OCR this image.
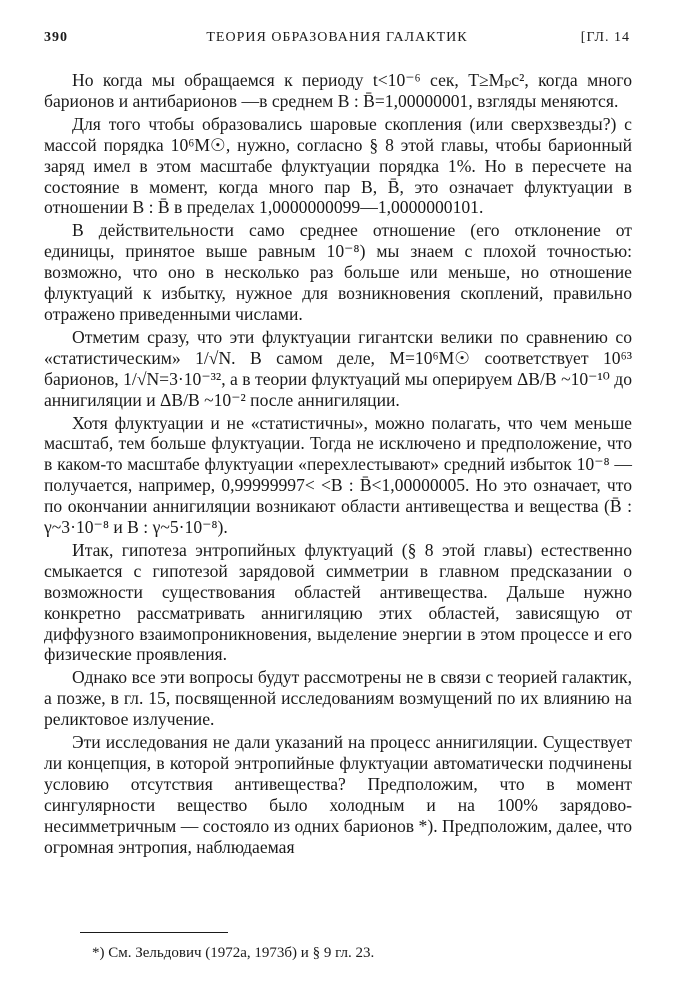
390	ТЕОРИЯ ОБРАЗОВАНИЯ ГАЛАКТИК	[ГЛ. 14

Но когда мы обращаемся к периоду t<10⁻⁶ сек, T≥Mₚc², когда много барионов и антибарионов —в среднем B : B̄=1,00000001, взгляды меняются.

Для того чтобы образовались шаровые скопления (или сверхзвезды?) с массой порядка 10⁶M☉, нужно, согласно § 8 этой главы, чтобы барионный заряд имел в этом масштабе флуктуации порядка 1%. Но в пересчете на состояние в момент, когда много пар B, B̄, это означает флуктуации в отношении B : B̄ в пределах 1,0000000099—1,0000000101.

В действительности само среднее отношение (его отклонение от единицы, принятое выше равным 10⁻⁸) мы знаем с плохой точностью: возможно, что оно в несколько раз больше или меньше, но отношение флуктуаций к избытку, нужное для возникновения скоплений, правильно отражено приведенными числами.

Отметим сразу, что эти флуктуации гигантски велики по сравнению со «статистическим» 1/√N. В самом деле, M=10⁶M☉ соответствует 10⁶³ барионов, 1/√N=3·10⁻³², а в теории флуктуаций мы оперируем ΔB/B ~10⁻¹⁰ до аннигиляции и ΔB/B ~10⁻² после аннигиляции.

Хотя флуктуации и не «статистичны», можно полагать, что чем меньше масштаб, тем больше флуктуации. Тогда не исключено и предположение, что в каком-то масштабе флуктуации «перехлестывают» средний избыток 10⁻⁸ — получается, например, 0,99999997< <B : B̄<1,00000005. Но это означает, что по окончании аннигиляции возникают области антивещества и вещества (B̄ : γ~3·10⁻⁸ и B : γ~5·10⁻⁸).

Итак, гипотеза энтропийных флуктуаций (§ 8 этой главы) естественно смыкается с гипотезой зарядовой симметрии в главном предсказании о возможности существования областей антивещества. Дальше нужно конкретно рассматривать аннигиляцию этих областей, зависящую от диффузного взаимопроникновения, выделение энергии в этом процессе и его физические проявления.

Однако все эти вопросы будут рассмотрены не в связи с теорией галактик, а позже, в гл. 15, посвященной исследованиям возмущений по их влиянию на реликтовое излучение.

Эти исследования не дали указаний на процесс аннигиляции. Существует ли концепция, в которой энтропийные флуктуации автоматически подчинены условию отсутствия антивещества? Предположим, что в момент сингулярности вещество было холодным и на 100% зарядово-несимметричным — состояло из одних барионов *). Предположим, далее, что огромная энтропия, наблюдаемая

*) См. Зельдович (1972a, 1973б) и § 9 гл. 23.
